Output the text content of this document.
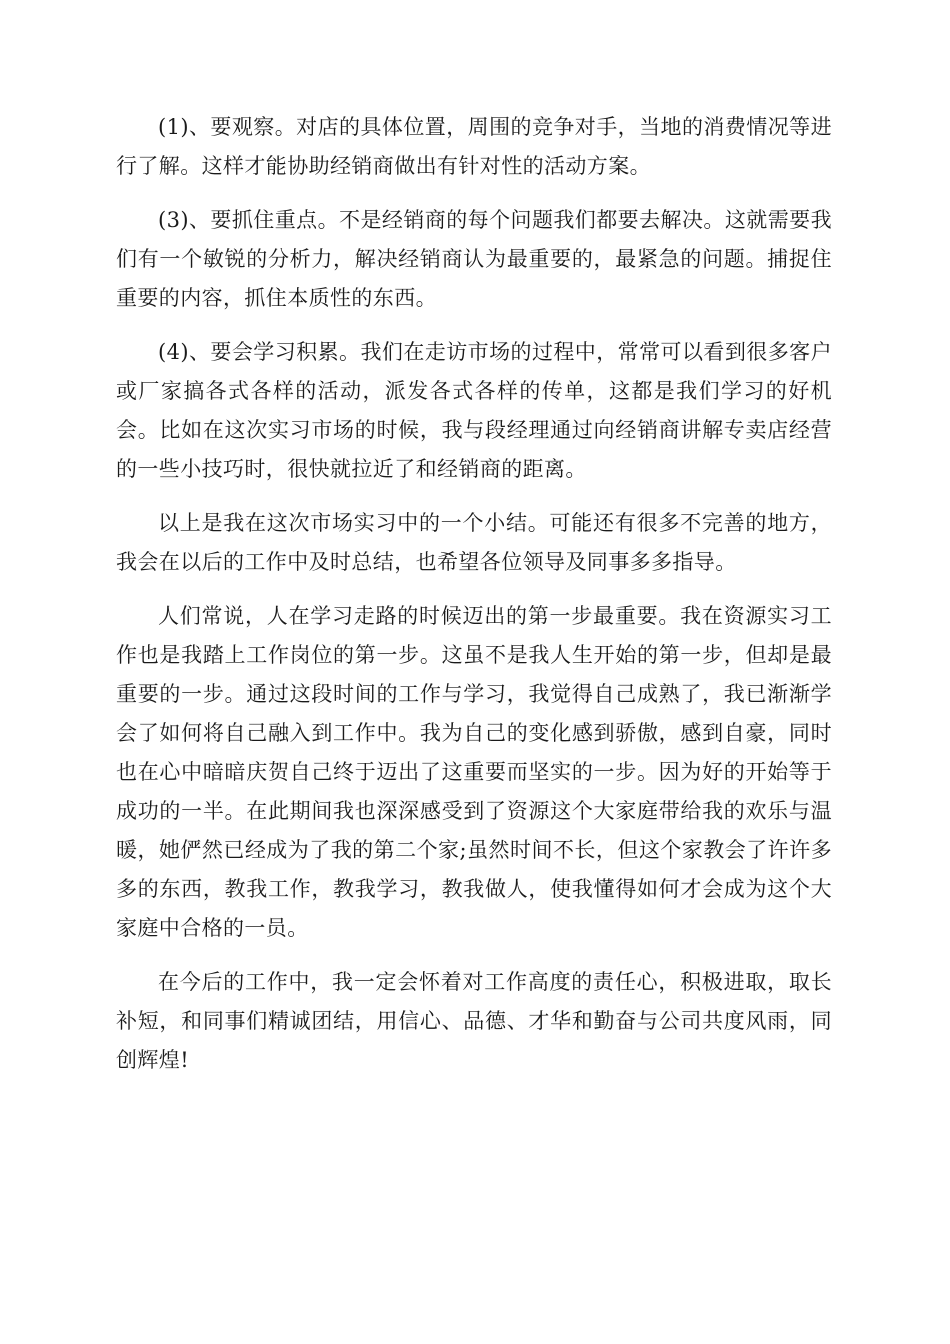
(1)、要观察。对店的具体位置，周围的竞争对手，当地的消费情况等进行了解。这样才能协助经销商做出有针对性的活动方案。

(3)、要抓住重点。不是经销商的每个问题我们都要去解决。这就需要我们有一个敏锐的分析力，解决经销商认为最重要的，最紧急的问题。捕捉住重要的内容，抓住本质性的东西。

(4)、要会学习积累。我们在走访市场的过程中，常常可以看到很多客户或厂家搞各式各样的活动，派发各式各样的传单，这都是我们学习的好机会。比如在这次实习市场的时候，我与段经理通过向经销商讲解专卖店经营的一些小技巧时，很快就拉近了和经销商的距离。

以上是我在这次市场实习中的一个小结。可能还有很多不完善的地方，我会在以后的工作中及时总结，也希望各位领导及同事多多指导。

人们常说，人在学习走路的时候迈出的第一步最重要。我在资源实习工作也是我踏上工作岗位的第一步。这虽不是我人生开始的第一步，但却是最重要的一步。通过这段时间的工作与学习，我觉得自己成熟了，我已渐渐学会了如何将自己融入到工作中。我为自己的变化感到骄傲，感到自豪，同时也在心中暗暗庆贺自己终于迈出了这重要而坚实的一步。因为好的开始等于成功的一半。在此期间我也深深感受到了资源这个大家庭带给我的欢乐与温暖，她俨然已经成为了我的第二个家;虽然时间不长，但这个家教会了许许多多的东西，教我工作，教我学习，教我做人，使我懂得如何才会成为这个大家庭中合格的一员。

在今后的工作中，我一定会怀着对工作高度的责任心，积极进取，取长补短，和同事们精诚团结，用信心、品德、才华和勤奋与公司共度风雨，同创辉煌!
